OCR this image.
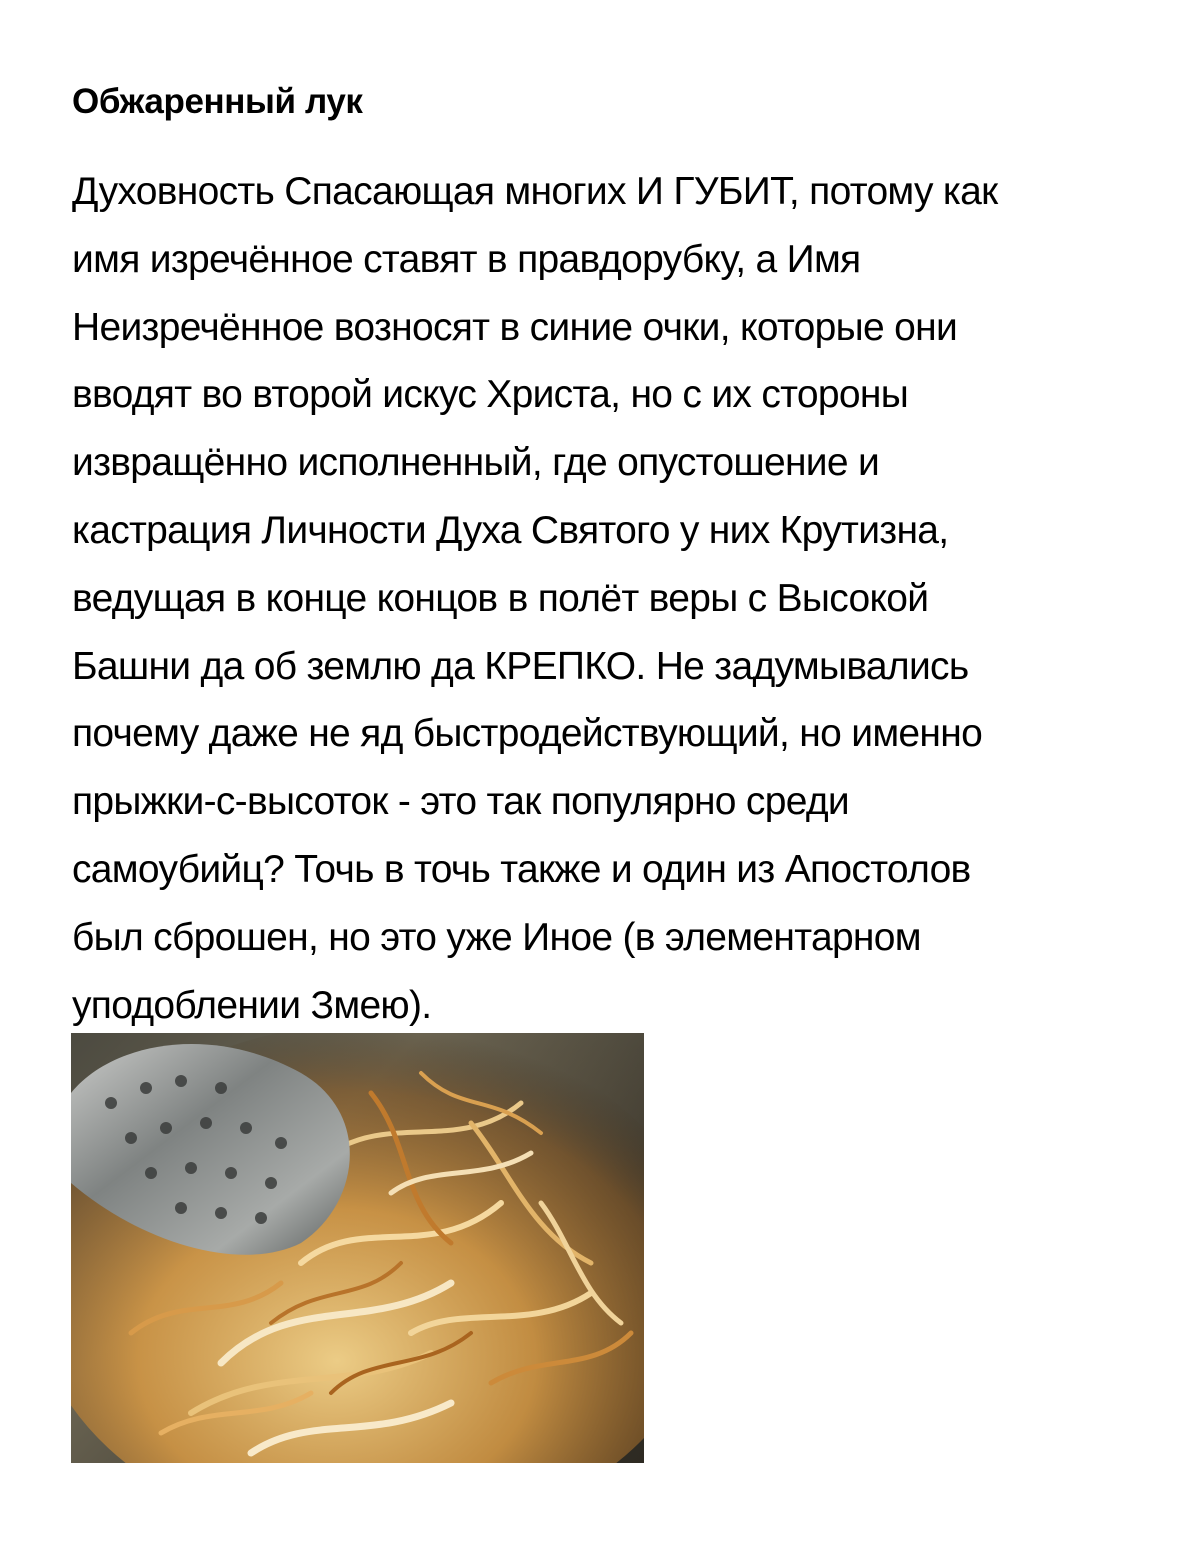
Обжаренный лук
Духовность Спасающая многих И ГУБИТ, потому как
имя изречённое ставят в правдорубку, а Имя
Неизречённое возносят в синие очки, которые они
вводят во второй искус Христа, но с их стороны
извращённо исполненный, где опустошение и
кастрация Личности Духа Святого у них Крутизна,
ведущая в конце концов в полёт веры с Высокой
Башни да об землю да КРЕПКО. Не задумывались
почему даже не яд быстродействующий, но именно
прыжки-с-высоток - это так популярно среди
самоубийц? Точь в точь также и один из Апостолов
был сброшен, но это уже Иное (в элементарном
уподоблении Змею).
